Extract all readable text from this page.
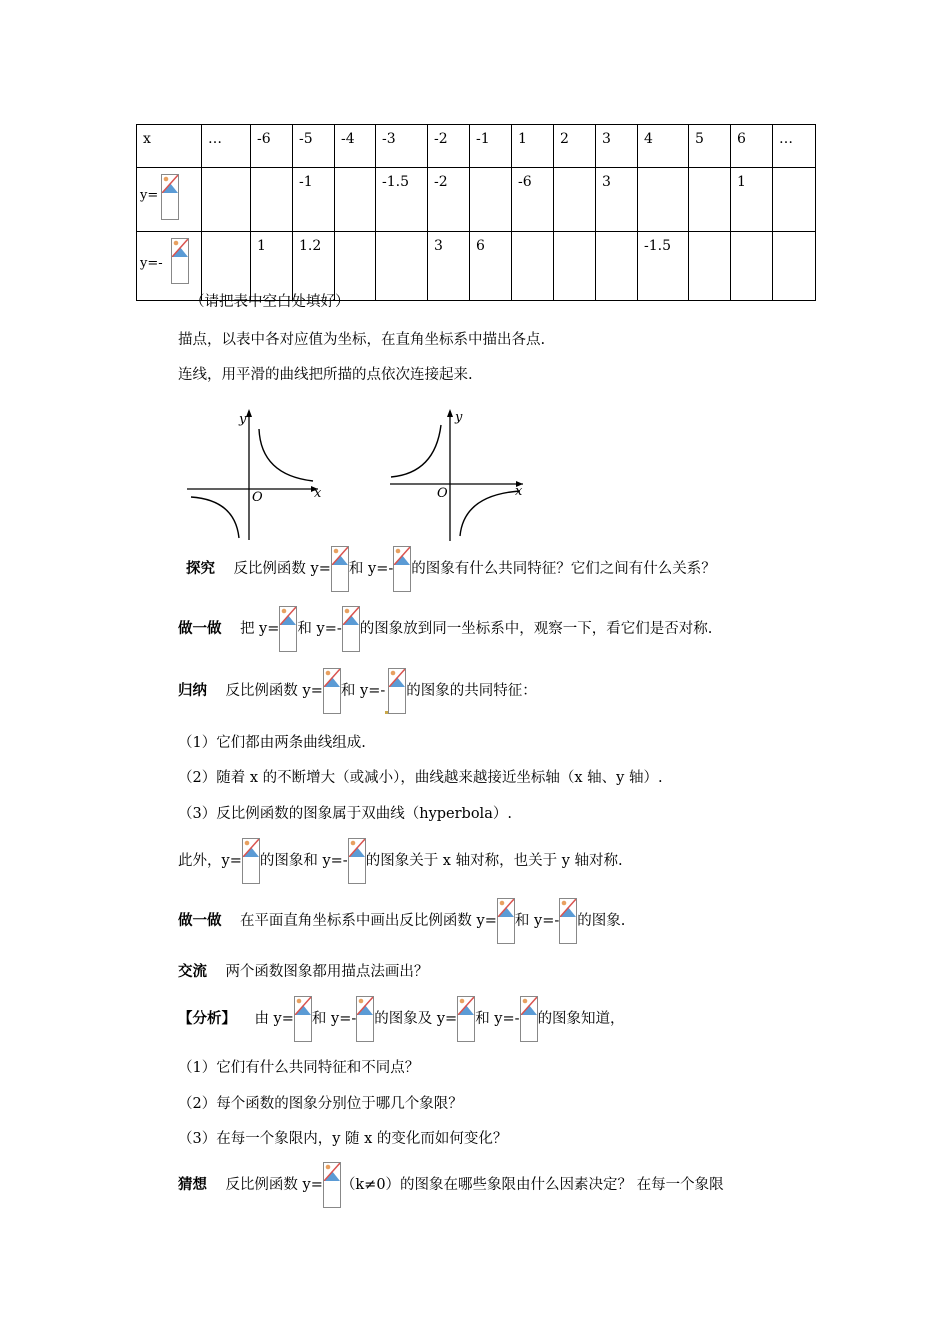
x	…	-6	-5	-4	-3	-2	-1	1	2	3	4	5	6	…

y=			-1		-1.5	-2		-6		3			1	

y=-		1	1.2			3	6				-1.5			
（请把表中空白处填好）
描点，以表中各对应值为坐标，在直角坐标系中描出各点.
连线，用平滑的曲线把所描的点依次连接起来.
y
x
O
y
x
O
探究 反比例函数 y= 和 y=- 的图象有什么共同特征？它们之间有什么关系？
做一做 把 y= 和 y=- 的图象放到同一坐标系中，观察一下，看它们是否对称.
归纳 反比例函数 y= 和 y=- 的图象的共同特征：
（1）它们都由两条曲线组成.
（2）随着 x 的不断增大（或减小），曲线越来越接近坐标轴（x 轴、y 轴）.
（3）反比例函数的图象属于双曲线（hyperbola）.
此外，y= 的图象和 y=- 的图象关于 x 轴对称，也关于 y 轴对称.
做一做 在平面直角坐标系中画出反比例函数 y= 和 y=- 的图象.
交流 两个函数图象都用描点法画出？
【分析】 由 y= 和 y=- 的图象及 y= 和 y=- 的图象知道，
（1）它们有什么共同特征和不同点？
（2）每个函数的图象分别位于哪几个象限？
（3）在每一个象限内，y 随 x 的变化而如何变化？
猜想 反比例函数 y= （k≠0）的图象在哪些象限由什么因素决定？ 在每一个象限
